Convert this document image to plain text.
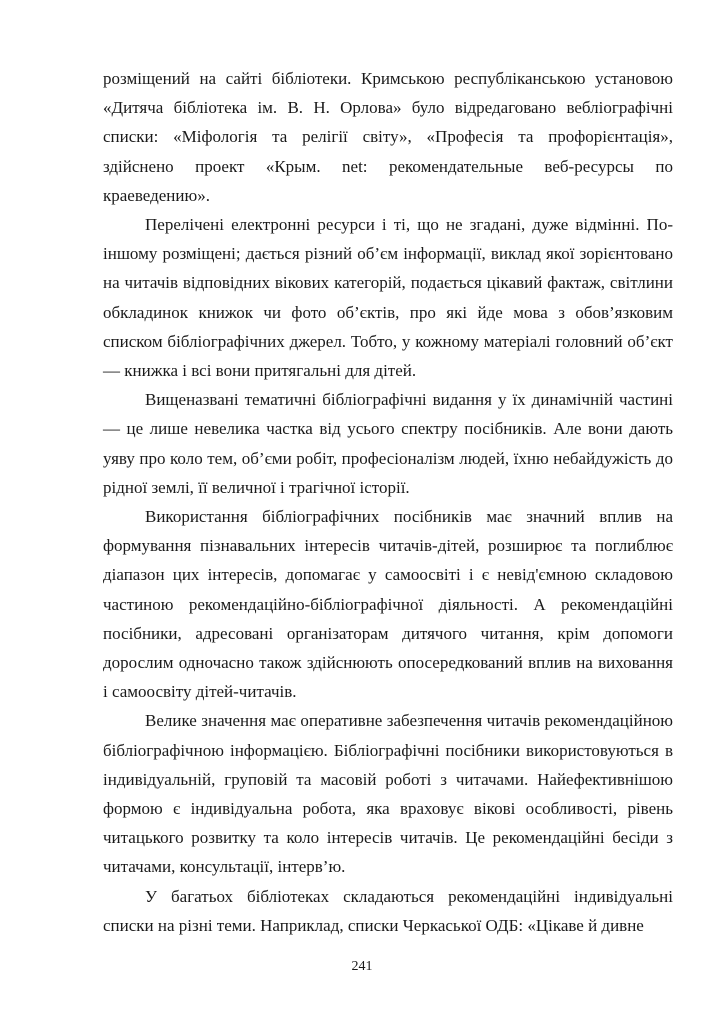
розміщений на сайті бібліотеки. Кримською республіканською установою «Дитяча бібліотека ім. В. Н. Орлова» було відредаговано вебліографічні списки: «Міфологія та релігії світу», «Професія та профорієнтація», здійснено проект «Крым. net: рекомендательные веб-ресурсы по краеведению».

Перелічені електронні ресурси і ті, що не згадані, дуже відмінні. По-іншому розміщені; дається різний об’єм інформації, виклад якої зорієнтовано на читачів відповідних вікових категорій, подається цікавий фактаж, світлини обкладинок книжок чи фото об’єктів, про які йде мова з обов’язковим списком бібліографічних джерел. Тобто, у кожному матеріалі головний об’єкт — книжка і всі вони притягальні для дітей.

Вищеназвані тематичні бібліографічні видання у їх динамічній частині — це лише невелика частка від усього спектру посібників. Але вони дають уяву про коло тем, об’єми робіт, професіоналізм людей, їхню небайдужість до рідної землі, її величної і трагічної історії.

Використання бібліографічних посібників має значний вплив на формування пізнавальних інтересів читачів-дітей, розширює та поглиблює діапазон цих інтересів, допомагає у самоосвіті і є невід'ємною складовою частиною рекомендаційно-бібліографічної діяльності. А рекомендаційні посібники, адресовані організаторам дитячого читання, крім допомоги дорослим одночасно також здійснюють опосередкований вплив на виховання і самоосвіту дітей-читачів.

Велике значення має оперативне забезпечення читачів рекомендаційною бібліографічною інформацією. Бібліографічні посібники використовуються в індивідуальній, груповій та масовій роботі з читачами. Найефективнішою формою є індивідуальна робота, яка враховує вікові особливості, рівень читацького розвитку та коло інтересів читачів. Це рекомендаційні бесіди з читачами, консультації, інтерв’ю.

У багатьох бібліотеках складаються рекомендаційні індивідуальні списки на різні теми. Наприклад, списки Черкаської ОДБ: «Цікаве й дивне

241
